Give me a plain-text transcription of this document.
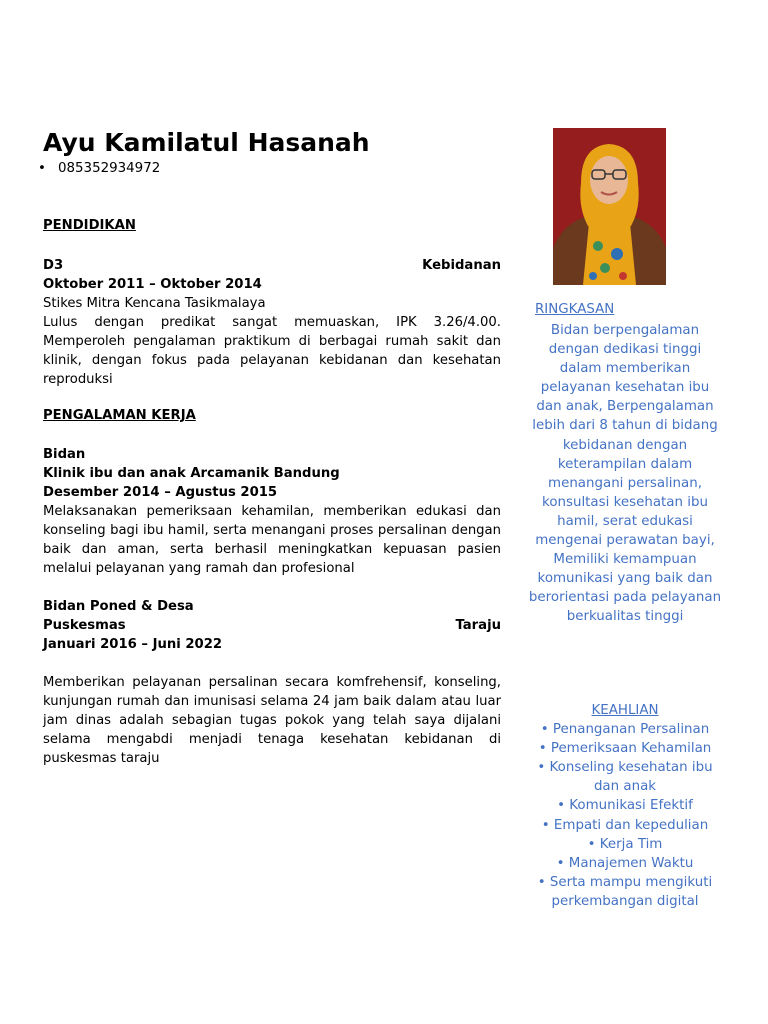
Ayu Kamilatul Hasanah
• 085352934972
PENDIDIKAN
D3	Kebidanan
Oktober 2011 – Oktober 2014
Stikes Mitra Kencana Tasikmalaya
Lulus dengan predikat sangat memuaskan, IPK 3.26/4.00. Memperoleh pengalaman praktikum di berbagai rumah sakit dan klinik, dengan fokus pada pelayanan kebidanan dan kesehatan reproduksi
PENGALAMAN KERJA
Bidan
Klinik ibu dan anak Arcamanik Bandung
Desember 2014 – Agustus 2015
Melaksanakan pemeriksaan kehamilan, memberikan edukasi dan konseling bagi ibu hamil, serta menangani proses persalinan dengan baik dan aman, serta berhasil meningkatkan kepuasan pasien melalui pelayanan yang ramah dan profesional
Bidan Poned & Desa
Puskesmas	Taraju
Januari 2016 – Juni 2022
Memberikan pelayanan persalinan secara komfrehensif, konseling, kunjungan rumah dan imunisasi selama 24 jam baik dalam atau luar jam dinas adalah sebagian tugas pokok yang telah saya dijalani selama mengabdi menjadi tenaga kesehatan kebidanan di puskesmas taraju
RINGKASAN
Bidan berpengalaman dengan dedikasi tinggi dalam memberikan pelayanan kesehatan ibu dan anak, Berpengalaman lebih dari 8 tahun di bidang kebidanan dengan keterampilan dalam menangani persalinan, konsultasi kesehatan ibu hamil, serat edukasi mengenai perawatan bayi, Memiliki kemampuan komunikasi yang baik dan berorientasi pada pelayanan berkualitas tinggi
KEAHLIAN
• Penanganan Persalinan
• Pemeriksaan Kehamilan
• Konseling kesehatan ibu dan anak
• Komunikasi Efektif
• Empati dan kepedulian
• Kerja Tim
• Manajemen Waktu
• Serta mampu mengikuti perkembangan digital
